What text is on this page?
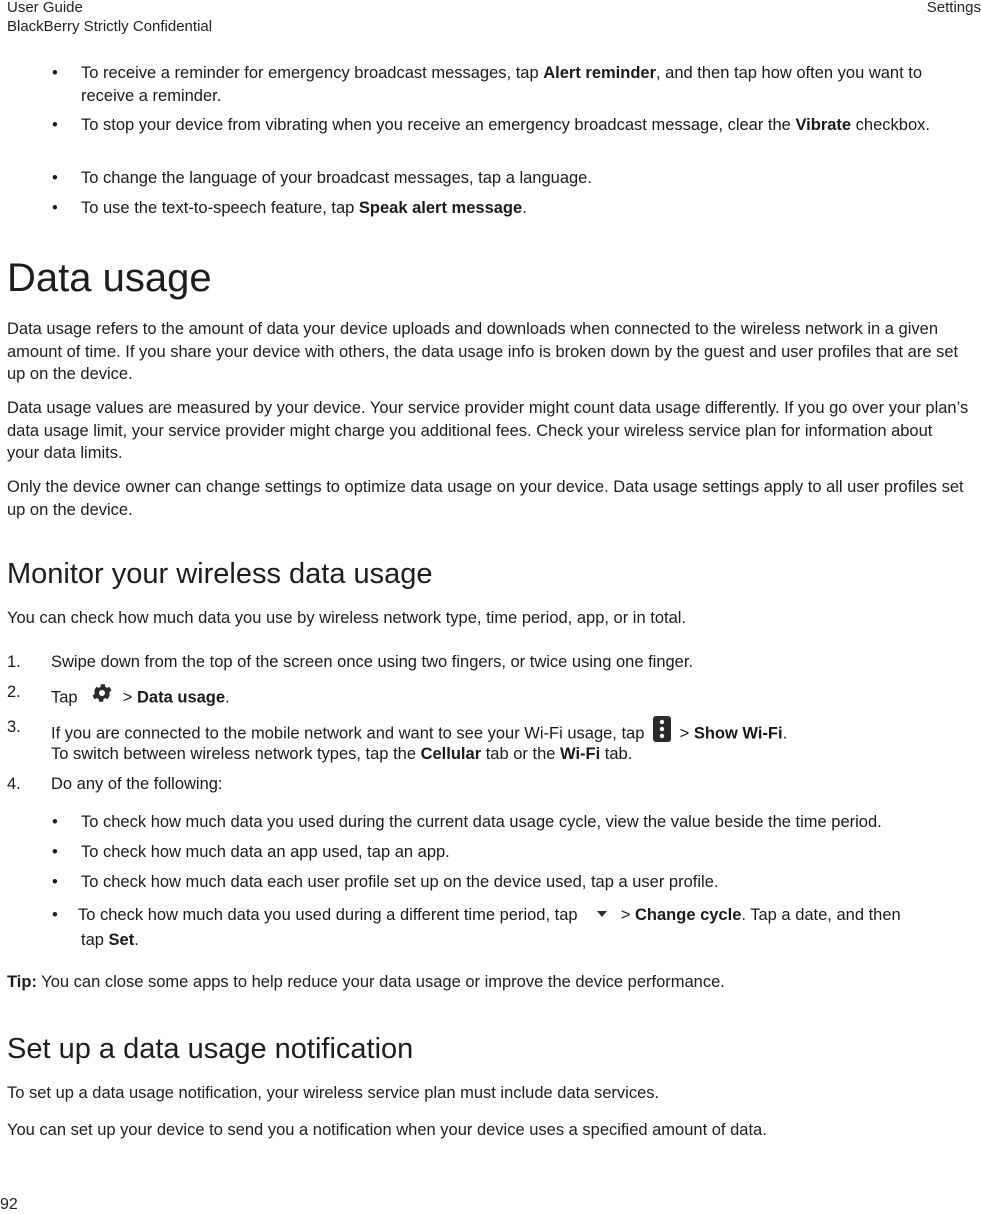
User Guide
BlackBerry Strictly Confidential
Settings
• To receive a reminder for emergency broadcast messages, tap Alert reminder, and then tap how often you want to receive a reminder.
• To stop your device from vibrating when you receive an emergency broadcast message, clear the Vibrate checkbox.
• To change the language of your broadcast messages, tap a language.
• To use the text-to-speech feature, tap Speak alert message.
Data usage
Data usage refers to the amount of data your device uploads and downloads when connected to the wireless network in a given amount of time. If you share your device with others, the data usage info is broken down by the guest and user profiles that are set up on the device.
Data usage values are measured by your device. Your service provider might count data usage differently. If you go over your plan’s data usage limit, your service provider might charge you additional fees. Check your wireless service plan for information about your data limits.
Only the device owner can change settings to optimize data usage on your device. Data usage settings apply to all user profiles set up on the device.
Monitor your wireless data usage
You can check how much data you use by wireless network type, time period, app, or in total.
1. Swipe down from the top of the screen once using two fingers, or twice using one finger.
2. Tap  > Data usage.
3. If you are connected to the mobile network and want to see your Wi-Fi usage, tap  > Show Wi-Fi.
To switch between wireless network types, tap the Cellular tab or the Wi-Fi tab.
4. Do any of the following:
• To check how much data you used during the current data usage cycle, view the value beside the time period.
• To check how much data an app used, tap an app.
• To check how much data each user profile set up on the device used, tap a user profile.
• To check how much data you used during a different time period, tap  > Change cycle. Tap a date, and then
tap Set.
Tip: You can close some apps to help reduce your data usage or improve the device performance.
Set up a data usage notification
To set up a data usage notification, your wireless service plan must include data services.
You can set up your device to send you a notification when your device uses a specified amount of data.
92
